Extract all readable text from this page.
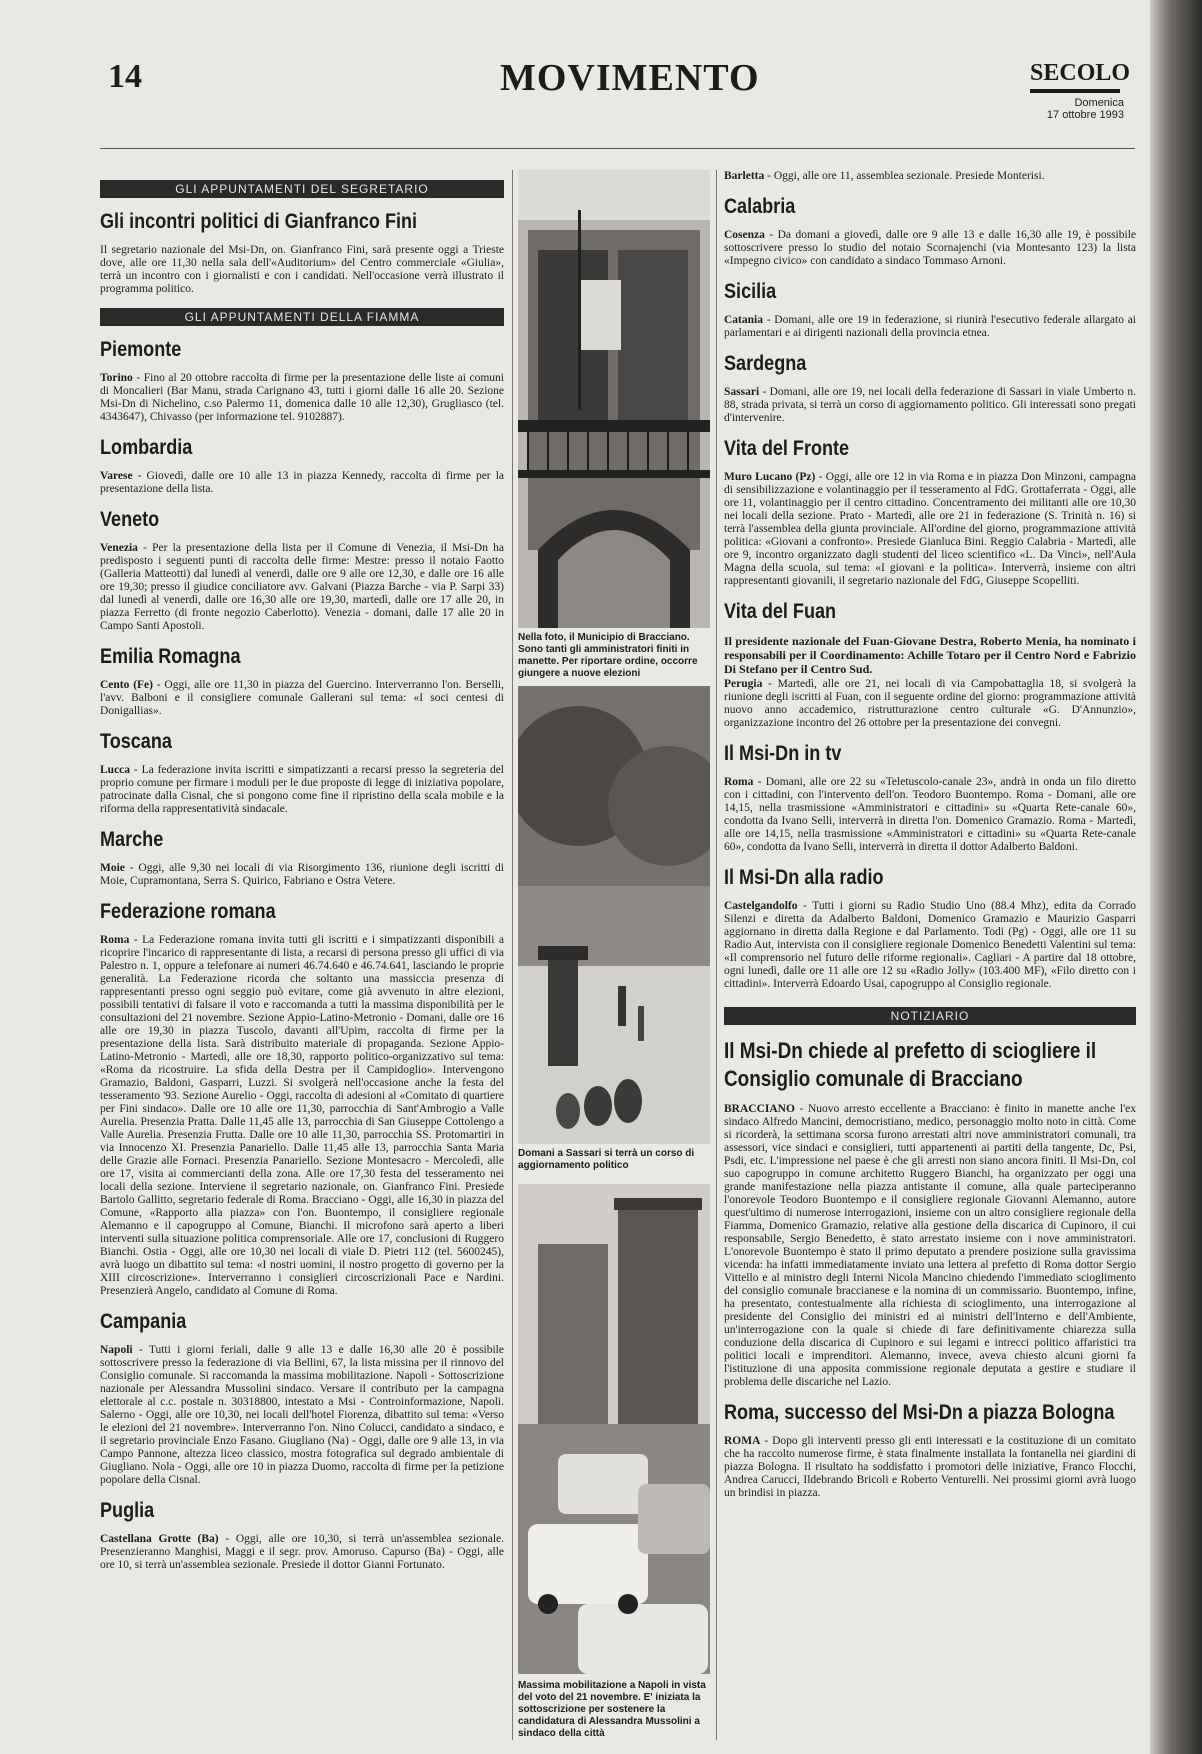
14	MOVIMENTO	SECOLO
Domenica
17 ottobre 1993
GLI APPUNTAMENTI DEL SEGRETARIO
Gli incontri politici di Gianfranco Fini

Il segretario nazionale del Msi-Dn, on. Gianfranco Fini, sarà presente oggi a Trieste dove, alle ore 11,30 nella sala dell'«Auditorium» del Centro commerciale «Giulia», terrà un incontro con i giornalisti e con i candidati. Nell'occasione verrà illustrato il programma politico.

GLI APPUNTAMENTI DELLA FIAMMA
Piemonte

Torino - Fino al 20 ottobre raccolta di firme per la presentazione delle liste ai comuni di Moncalieri (Bar Manu, strada Carignano 43, tutti i giorni dalle 16 alle 20. Sezione Msi-Dn di Nichelino, c.so Palermo 11, domenica dalle 10 alle 12,30), Grugliasco (tel. 4343647), Chivasso (per informazione tel. 9102887).

Lombardia

Varese - Giovedì, dalle ore 10 alle 13 in piazza Kennedy, raccolta di firme per la presentazione della lista.

Veneto

Venezia - Per la presentazione della lista per il Comune di Venezia, il Msi-Dn ha predisposto i seguenti punti di raccolta delle firme: Mestre: presso il notaio Faotto (Galleria Matteotti) dal lunedì al venerdì, dalle ore 9 alle ore 12,30, e dalle ore 16 alle ore 19,30; presso il giudice conciliatore avv. Galvani (Piazza Barche - via P. Sarpi 33) dal lunedì al venerdì, dalle ore 16,30 alle ore 19,30, martedì, dalle ore 17 alle 20, in piazza Ferretto (di fronte negozio Caberlotto). Venezia - domani, dalle 17 alle 20 in Campo Santi Apostoli.

Emilia Romagna

Cento (Fe) - Oggi, alle ore 11,30 in piazza del Guercino. Interverranno l'on. Berselli, l'avv. Balboni e il consigliere comunale Gallerani sul tema: «I soci centesi di Donigallias».

Toscana

Lucca - La federazione invita iscritti e simpatizzanti a recarsi presso la segreteria del proprio comune per firmare i moduli per le due proposte di legge di iniziativa popolare, patrocinate dalla Cisnal, che si pongono come fine il ripristino della scala mobile e la riforma della rappresentatività sindacale.

Marche

Moie - Oggi, alle 9,30 nei locali di via Risorgimento 136, riunione degli iscritti di Moie, Cupramontana, Serra S. Quirico, Fabriano e Ostra Vetere.

Federazione romana

Roma - La Federazione romana invita tutti gli iscritti e i simpatizzanti disponibili a ricoprire l'incarico di rappresentante di lista, a recarsi di persona presso gli uffici di via Palestro n. 1, oppure a telefonare ai numeri 46.74.640 e 46.74.641, lasciando le proprie generalità. La Federazione ricorda che soltanto una massiccia presenza di rappresentanti presso ogni seggio può evitare, come già avvenuto in altre elezioni, possibili tentativi di falsare il voto e raccomanda a tutti la massima disponibilità per le consultazioni del 21 novembre. Sezione Appio-Latino-Metronio - Domani, dalle ore 16 alle ore 19,30 in piazza Tuscolo, davanti all'Upim, raccolta di firme per la presentazione della lista. Sarà distribuito materiale di propaganda. Sezione Appio-Latino-Metronio - Martedì, alle ore 18,30, rapporto politico-organizzativo sul tema: «Roma da ricostruire. La sfida della Destra per il Campidoglio». Intervengono Gramazio, Baldoni, Gasparri, Luzzi. Si svolgerà nell'occasione anche la festa del tesseramento '93. Sezione Aurelio - Oggi, raccolta di adesioni al «Comitato di quartiere per Fini sindaco». Dalle ore 10 alle ore 11,30, parrocchia di Sant'Ambrogio a Valle Aurelia. Presenzia Pratta. Dalle 11,45 alle 13, parrocchia di San Giuseppe Cottolengo a Valle Aurelia. Presenzia Frutta. Dalle ore 10 alle 11,30, parrocchia SS. Protomartiri in via Innocenzo XI. Presenzia Panariello. Dalle 11,45 alle 13, parrocchia Santa Maria delle Grazie alle Fornaci. Presenzia Panariello. Sezione Montesacro - Mercoledì, alle ore 17, visita ai commercianti della zona. Alle ore 17,30 festa del tesseramento nei locali della sezione. Interviene il segretario nazionale, on. Gianfranco Fini. Presiede Bartolo Gallitto, segretario federale di Roma. Bracciano - Oggi, alle 16,30 in piazza del Comune, «Rapporto alla piazza» con l'on. Buontempo, il consigliere regionale Alemanno e il capogruppo al Comune, Bianchi. Il microfono sarà aperto a liberi interventi sulla situazione politica comprensoriale. Alle ore 17, conclusioni di Ruggero Bianchi. Ostia - Oggi, alle ore 10,30 nei locali di viale D. Pietri 112 (tel. 5600245), avrà luogo un dibattito sul tema: «I nostri uomini, il nostro progetto di governo per la XIII circoscrizione». Interverranno i consiglieri circoscrizionali Pace e Nardini. Presenzierà Angelo, candidato al Comune di Roma.

Campania

Napoli - Tutti i giorni feriali, dalle 9 alle 13 e dalle 16,30 alle 20 è possibile sottoscrivere presso la federazione di via Bellini, 67, la lista missina per il rinnovo del Consiglio comunale. Si raccomanda la massima mobilitazione. Napoli - Sottoscrizione nazionale per Alessandra Mussolini sindaco. Versare il contributo per la campagna elettorale al c.c. postale n. 30318800, intestato a Msi - Controinformazione, Napoli. Salerno - Oggi, alle ore 10,30, nei locali dell'hotel Fiorenza, dibattito sul tema: «Verso le elezioni del 21 novembre». Interverranno l'on. Nino Colucci, candidato a sindaco, e il segretario provinciale Enzo Fasano. Giugliano (Na) - Oggi, dalle ore 9 alle 13, in via Campo Pannone, altezza liceo classico, mostra fotografica sul degrado ambientale di Giugliano. Nola - Oggi, alle ore 10 in piazza Duomo, raccolta di firme per la petizione popolare della Cisnal.

Puglia

Castellana Grotte (Ba) - Oggi, alle ore 10,30, si terrà un'assemblea sezionale. Presenzieranno Manghisi, Maggi e il segr. prov. Amoruso. Capurso (Ba) - Oggi, alle ore 10, si terrà un'assemblea sezionale. Presiede il dottor Gianni Fortunato.

Nella foto, il Municipio di Bracciano. Sono tanti gli amministratori finiti in manette. Per riportare ordine, occorre giungere a nuove elezioni
Domani a Sassari si terrà un corso di aggiornamento politico
Massima mobilitazione a Napoli in vista del voto del 21 novembre. E' iniziata la sottoscrizione per sostenere la candidatura di Alessandra Mussolini a sindaco della città

Barletta - Oggi, alle ore 11, assemblea sezionale. Presiede Monterisi.

Calabria

Cosenza - Da domani a giovedì, dalle ore 9 alle 13 e dalle 16,30 alle 19, è possibile sottoscrivere presso lo studio del notaio Scornajenchi (via Montesanto 123) la lista «Impegno civico» con candidato a sindaco Tommaso Arnoni.

Sicilia

Catania - Domani, alle ore 19 in federazione, si riunirà l'esecutivo federale allargato ai parlamentari e ai dirigenti nazionali della provincia etnea.

Sardegna

Sassari - Domani, alle ore 19, nei locali della federazione di Sassari in viale Umberto n. 88, strada privata, si terrà un corso di aggiornamento politico. Gli interessati sono pregati d'intervenire.

Vita del Fronte

Muro Lucano (Pz) - Oggi, alle ore 12 in via Roma e in piazza Don Minzoni, campagna di sensibilizzazione e volantinaggio per il tesseramento al FdG. Grottaferrata - Oggi, alle ore 11, volantinaggio per il centro cittadino. Concentramento dei militanti alle ore 10,30 nei locali della sezione. Prato - Martedì, alle ore 21 in federazione (S. Trinità n. 16) si terrà l'assemblea della giunta provinciale. All'ordine del giorno, programmazione attività politica: «Giovani a confronto». Presiede Gianluca Bini. Reggio Calabria - Martedì, alle ore 9, incontro organizzato dagli studenti del liceo scientifico «L. Da Vinci», nell'Aula Magna della scuola, sul tema: «I giovani e la politica». Interverrà, insieme con altri rappresentanti giovanili, il segretario nazionale del FdG, Giuseppe Scopelliti.

Vita del Fuan

Il presidente nazionale del Fuan-Giovane Destra, Roberto Menia, ha nominato i responsabili per il Coordinamento: Achille Totaro per il Centro Nord e Fabrizio Di Stefano per il Centro Sud.

Perugia - Martedì, alle ore 21, nei locali di via Campobattaglia 18, si svolgerà la riunione degli iscritti al Fuan, con il seguente ordine del giorno: programmazione attività nuovo anno accademico, ristrutturazione centro culturale «G. D'Annunzio», organizzazione incontro del 26 ottobre per la presentazione dei convegni.

Il Msi-Dn in tv

Roma - Domani, alle ore 22 su «Teletuscolo-canale 23», andrà in onda un filo diretto con i cittadini, con l'intervento dell'on. Teodoro Buontempo. Roma - Domani, alle ore 14,15, nella trasmissione «Amministratori e cittadini» su «Quarta Rete-canale 60», condotta da Ivano Selli, interverrà in diretta l'on. Domenico Gramazio. Roma - Martedì, alle ore 14,15, nella trasmissione «Amministratori e cittadini» su «Quarta Rete-canale 60», condotta da Ivano Selli, interverrà in diretta il dottor Adalberto Baldoni.

Il Msi-Dn alla radio

Castelgandolfo - Tutti i giorni su Radio Studio Uno (88.4 Mhz), edita da Corrado Silenzi e diretta da Adalberto Baldoni, Domenico Gramazio e Maurizio Gasparri aggiornano in diretta dalla Regione e dal Parlamento. Todi (Pg) - Oggi, alle ore 11 su Radio Aut, intervista con il consigliere regionale Domenico Benedetti Valentini sul tema: «Il comprensorio nel futuro delle riforme regionali». Cagliari - A partire dal 18 ottobre, ogni lunedì, dalle ore 11 alle ore 12 su «Radio Jolly» (103.400 MF), «Filo diretto con i cittadini». Interverrà Edoardo Usai, capogruppo al Consiglio regionale.

NOTIZIARIO
Il Msi-Dn chiede al prefetto di sciogliere il Consiglio comunale di Bracciano

BRACCIANO - Nuovo arresto eccellente a Bracciano: è finito in manette anche l'ex sindaco Alfredo Mancini, democristiano, medico, personaggio molto noto in città. Come si ricorderà, la settimana scorsa furono arrestati altri nove amministratori comunali, tra assessori, vice sindaci e consiglieri, tutti appartenenti ai partiti della tangente, Dc, Psi, Psdi, etc. L'impressione nel paese è che gli arresti non siano ancora finiti. Il Msi-Dn, col suo capogruppo in comune architetto Ruggero Bianchi, ha organizzato per oggi una grande manifestazione nella piazza antistante il comune, alla quale parteciperanno l'onorevole Teodoro Buontempo e il consigliere regionale Giovanni Alemanno, autore quest'ultimo di numerose interrogazioni, insieme con un altro consigliere regionale della Fiamma, Domenico Gramazio, relative alla gestione della discarica di Cupinoro, il cui responsabile, Sergio Benedetto, è stato arrestato insieme con i nove amministratori. L'onorevole Buontempo è stato il primo deputato a prendere posizione sulla gravissima vicenda: ha infatti immediatamente inviato una lettera al prefetto di Roma dottor Sergio Vittello e al ministro degli Interni Nicola Mancino chiedendo l'immediato scioglimento del consiglio comunale braccianese e la nomina di un commissario. Buontempo, infine, ha presentato, contestualmente alla richiesta di scioglimento, una interrogazione al presidente del Consiglio dei ministri ed ai ministri dell'Interno e dell'Ambiente, un'interrogazione con la quale si chiede di fare definitivamente chiarezza sulla conduzione della discarica di Cupinoro e sui legami e intrecci politico affaristici tra politici locali e imprenditori. Alemanno, invece, aveva chiesto alcuni giorni fa l'istituzione di una apposita commissione regionale deputata a gestire e studiare il problema delle discariche nel Lazio.

Roma, successo del Msi-Dn a piazza Bologna

ROMA - Dopo gli interventi presso gli enti interessati e la costituzione di un comitato che ha raccolto numerose firme, è stata finalmente installata la fontanella nei giardini di piazza Bologna. Il risultato ha soddisfatto i promotori delle iniziative, Franco Flocchi, Andrea Carucci, Ildebrando Bricoli e Roberto Venturelli. Nei prossimi giorni avrà luogo un brindisi in piazza.
